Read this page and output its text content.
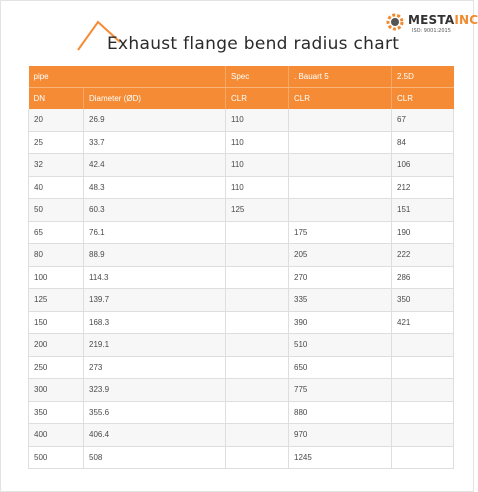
Exhaust flange bend radius chart
MESTAINC
ISO: 9001:2015
pipe		Spec	. Bauart 5	2.5D
DN	Diameter (ØD)	CLR	CLR	CLR
20	26.9	110		67
25	33.7	110		84
32	42.4	110		106
40	48.3	110		212
50	60.3	125		151
65	76.1		175	190
80	88.9		205	222
100	114.3		270	286
125	139.7		335	350
150	168.3		390	421
200	219.1		510	
250	273		650	
300	323.9		775	
350	355.6		880	
400	406.4		970	
500	508		1245	
